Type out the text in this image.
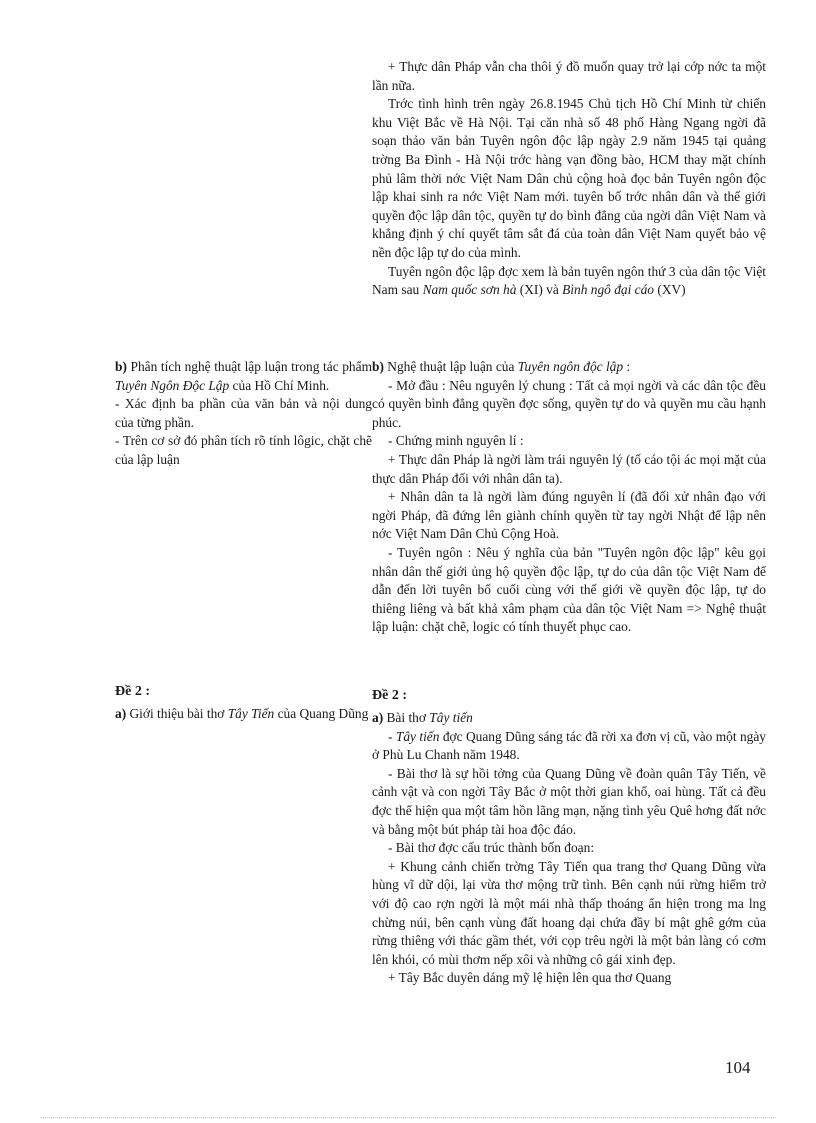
+ Thực dân Pháp vẫn cha thôi ý đồ muốn quay trở lại cớp nớc ta một lần nữa.

Trớc tình hình trên ngày 26.8.1945 Chủ tịch Hồ Chí Minh từ chiến khu Việt Bắc về Hà Nội. Tại căn nhà số 48 phố Hàng Ngang ngời đã soạn thảo văn bản Tuyên ngôn độc lập ngày 2.9 năm 1945 tại quảng trờng Ba Đình - Hà Nội trớc hàng vạn đồng bào, HCM thay mặt chính phủ lâm thời nớc Việt Nam Dân chủ cộng hoà đọc bản Tuyên ngôn độc lập khai sinh ra nớc Việt Nam mới. tuyên bố trớc nhân dân và thế giới quyền độc lập dân tộc, quyền tự do bình đẳng của ngời dân Việt Nam và khẳng định ý chí quyết tâm sắt đá của toàn dân Việt Nam quyết bảo vệ nền độc lập tự do của mình.

Tuyên ngôn độc lập đợc xem là bản tuyên ngôn thứ 3 của dân tộc Việt Nam sau Nam quốc sơn hà (XI) và Bình ngô đại cáo (XV)

b) Phân tích nghệ thuật lập luận trong tác phẩm Tuyên Ngôn Độc Lập của Hồ Chí Minh.

- Xác định ba phần của văn bản và nội dung của từng phần.

- Trên cơ sở đó phân tích rõ tính lôgic, chặt chẽ của lập luận

b) Nghệ thuật lập luận của Tuyên ngôn độc lập :

- Mở đầu : Nêu nguyên lý chung : Tất cả mọi ngời và các dân tộc đều có quyền bình đẳng quyền đợc sống, quyền tự do và quyền mu cầu hạnh phúc.

- Chứng minh nguyên lí :

+ Thực dân Pháp là ngời làm trái nguyên lý (tố cáo tội ác mọi mặt của thực dân Pháp đối với nhân dân ta).

+ Nhân dân ta là ngời làm đúng nguyên lí (đã đối xử nhân đạo với ngời Pháp, đã đứng lên giành chính quyền từ tay ngời Nhật để lập nên nớc Việt Nam Dân Chủ Cộng Hoà.

- Tuyên ngôn : Nêu ý nghĩa của bản "Tuyên ngôn độc lập" kêu gọi nhân dân thế giới ủng hộ quyền độc lập, tự do của dân tộc Việt Nam để dẫn đến lời tuyên bố cuối cùng với thế giới về quyền độc lập, tự do thiêng liêng và bất khả xâm phạm của dân tộc Việt Nam => Nghệ thuật lập luận: chặt chẽ, logic có tính thuyết phục cao.

Đề 2 :

a) Giới thiệu bài thơ Tây Tiến của Quang Dũng

Đề 2 :

a) Bài thơ Tây tiến

- Tây tiến đợc Quang Dũng sáng tác đã rời xa đơn vị cũ, vào một ngày ở Phù Lu Chanh năm 1948.

- Bài thơ là sự hồi tởng của Quang Dũng về đoàn quân Tây Tiến, về cảnh vật và con ngời Tây Bắc ở một thời gian khổ, oai hùng. Tất cả đều đợc thể hiện qua một tâm hồn lãng mạn, nặng tình yêu Quê hơng đất nớc và bằng một bút pháp tài hoa độc đáo.

- Bài thơ đợc cấu trúc thành bốn đoạn:

+ Khung cảnh chiến trờng Tây Tiến qua trang thơ Quang Dũng vừa hùng vĩ dữ dội, lại vừa thơ mộng trữ tình. Bên cạnh núi rừng hiểm trở với độ cao rợn ngời là một mái nhà thấp thoáng ẩn hiện trong ma lng chừng núi, bên cạnh vùng đất hoang dại chứa đầy bí mật ghê gớm của rừng thiêng với thác gầm thét, với cọp trêu ngời là một bản làng có cơm lên khói, có mùi thơm nếp xôi và những cô gái xinh đẹp.

+ Tây Bắc duyên dáng mỹ lệ hiện lên qua thơ Quang

104
